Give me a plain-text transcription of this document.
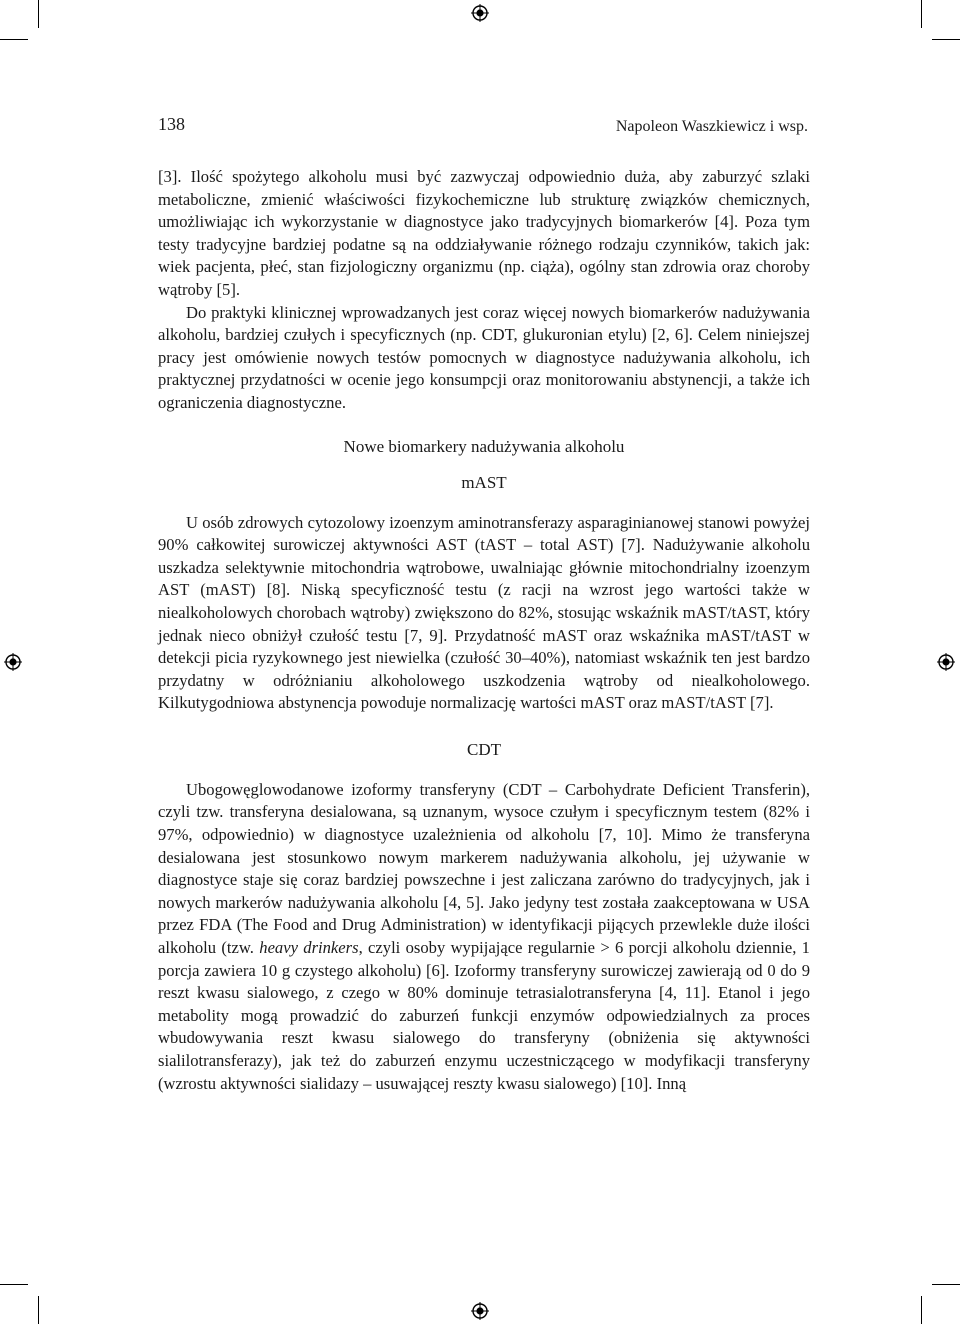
138	Napoleon Waszkiewicz i wsp.

[3]. Ilość spożytego alkoholu musi być zazwyczaj odpowiednio duża, aby zaburzyć szlaki metaboliczne, zmienić właściwości fizykochemiczne lub strukturę związków chemicznych, umożliwiając ich wykorzystanie w diagnostyce jako tradycyjnych biomarkerów [4]. Poza tym testy tradycyjne bardziej podatne są na oddziaływanie różnego rodzaju czynników, takich jak: wiek pacjenta, płeć, stan fizjologiczny organizmu (np. ciąża), ogólny stan zdrowia oraz choroby wątroby [5].

Do praktyki klinicznej wprowadzanych jest coraz więcej nowych biomarkerów nadużywania alkoholu, bardziej czułych i specyficznych (np. CDT, glukuronian etylu) [2, 6]. Celem niniejszej pracy jest omówienie nowych testów pomocnych w diagnostyce nadużywania alkoholu, ich praktycznej przydatności w ocenie jego konsumpcji oraz monitorowaniu abstynencji, a także ich ograniczenia diagnostyczne.

Nowe biomarkery nadużywania alkoholu
mAST

U osób zdrowych cytozolowy izoenzym aminotransferazy asparaginianowej stanowi powyżej 90% całkowitej surowiczej aktywności AST (tAST – total AST) [7]. Nadużywanie alkoholu uszkadza selektywnie mitochondria wątrobowe, uwalniając głównie mitochondrialny izoenzym AST (mAST) [8]. Niską specyficzność testu (z racji na wzrost jego wartości także w niealkoholowych chorobach wątroby) zwiększono do 82%, stosując wskaźnik mAST/tAST, który jednak nieco obniżył czułość testu [7, 9]. Przydatność mAST oraz wskaźnika mAST/tAST w detekcji picia ryzykownego jest niewielka (czułość 30–40%), natomiast wskaźnik ten jest bardzo przydatny w odróżnianiu alkoholowego uszkodzenia wątroby od niealkoholowego. Kilkutygodniowa abstynencja powoduje normalizację wartości mAST oraz mAST/tAST [7].

CDT

Ubogowęglowodanowe izoformy transferyny (CDT – Carbohydrate Deficient Transferin), czyli tzw. transferyna desialowana, są uznanym, wysoce czułym i specyficznym testem (82% i 97%, odpowiednio) w diagnostyce uzależnienia od alkoholu [7, 10]. Mimo że transferyna desialowana jest stosunkowo nowym markerem nadużywania alkoholu, jej używanie w diagnostyce staje się coraz bardziej powszechne i jest zaliczana zarówno do tradycyjnych, jak i nowych markerów nadużywania alkoholu [4, 5]. Jako jedyny test została zaakceptowana w USA przez FDA (The Food and Drug Administration) w identyfikacji pijących przewlekle duże ilości alkoholu (tzw. heavy drinkers, czyli osoby wypijające regularnie > 6 porcji alkoholu dziennie, 1 porcja zawiera 10 g czystego alkoholu) [6]. Izoformy transferyny surowiczej zawierają od 0 do 9 reszt kwasu sialowego, z czego w 80% dominuje tetrasialotransferyna [4, 11]. Etanol i jego metabolity mogą prowadzić do zaburzeń funkcji enzymów odpowiedzialnych za proces wbudowywania reszt kwasu sialowego do transferyny (obniżenia się aktywności sialilotransferazy), jak też do zaburzeń enzymu uczestniczącego w modyfikacji transferyny (wzrostu aktywności sialidazy – usuwającej reszty kwasu sialowego) [10]. Inną
